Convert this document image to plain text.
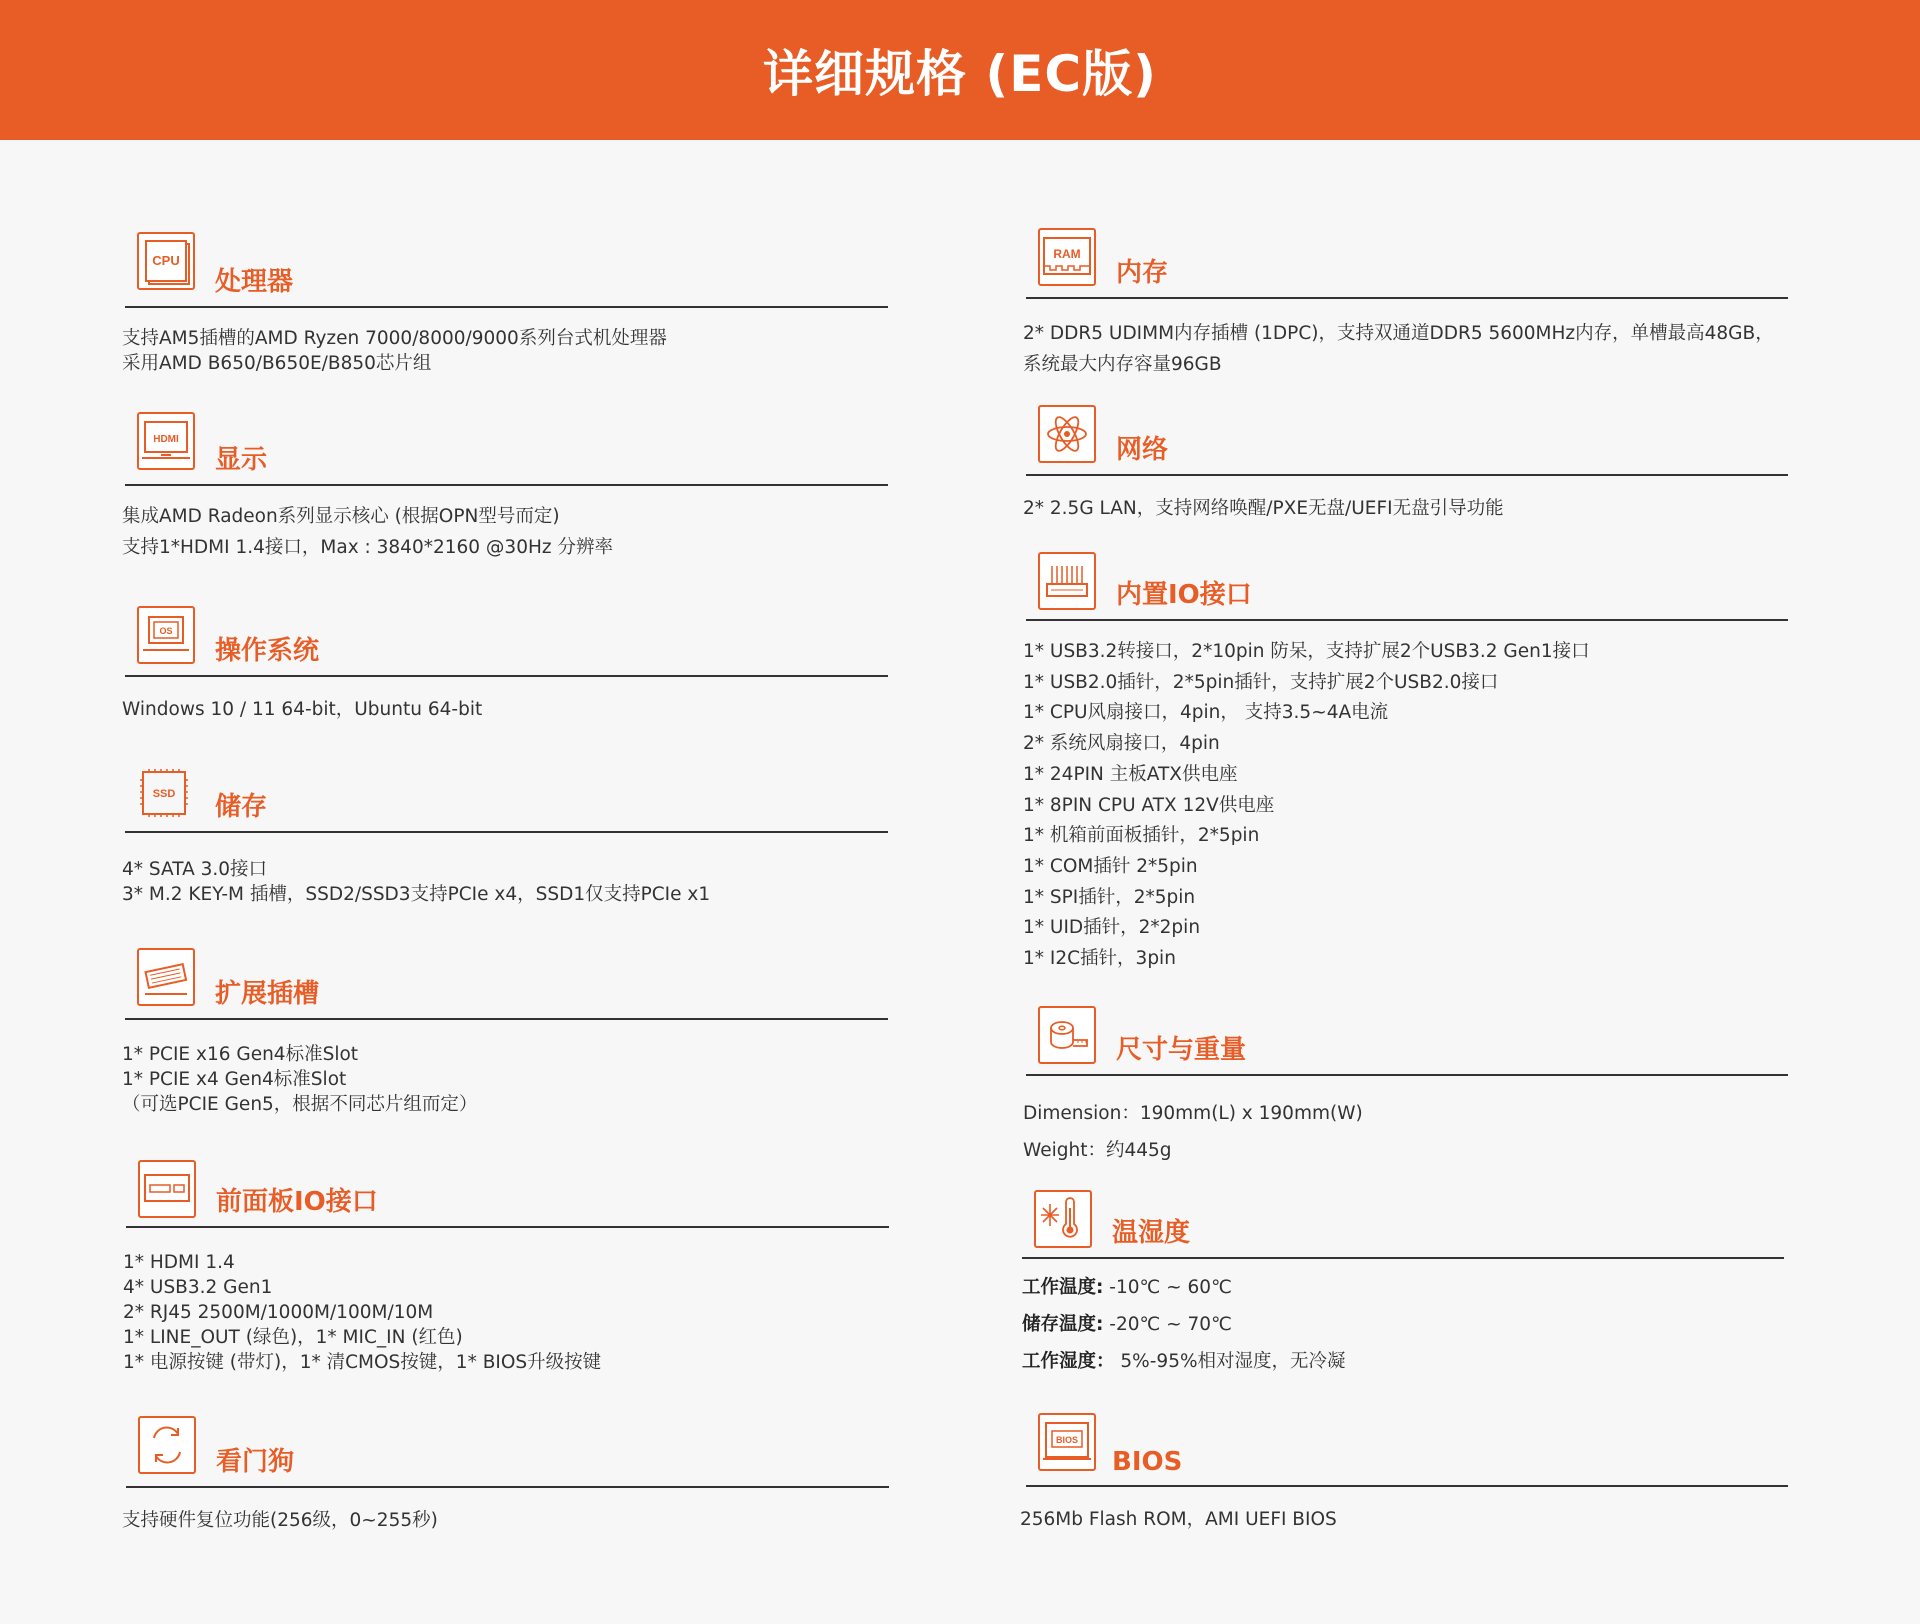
详细规格 (EC版)
CPU
处理器
支持AM5插槽的AMD Ryzen 7000/8000/9000系列台式机处理器
采用AMD B650/B650E/B850芯片组
HDMI
显示
集成AMD Radeon系列显示核心 (根据OPN型号而定)
支持1*HDMI 1.4接口，Max : 3840*2160 @30Hz 分辨率
OS
操作系统
Windows 10 / 11 64-bit，Ubuntu 64-bit
SSD 储存
4* SATA 3.0接口
3* M.2 KEY-M 插槽，SSD2/SSD3支持PCIe x4，SSD1仅支持PCIe x1
扩展插槽
1* PCIE x16 Gen4标准Slot
1* PCIE x4 Gen4标准Slot
（可选PCIE Gen5，根据不同芯片组而定）
前面板IO接口
1* HDMI 1.4
4* USB3.2 Gen1
2* RJ45 2500M/1000M/100M/10M
1* LINE_OUT (绿色)，1* MIC_IN (红色)
1* 电源按键 (带灯)，1* 清CMOS按键，1* BIOS升级按键
看门狗
支持硬件复位功能(256级，0~255秒)
RAM
内存
2* DDR5 UDIMM内存插槽 (1DPC)，支持双通道DDR5 5600MHz内存，单槽最高48GB，
系统最大内存容量96GB
网络
2* 2.5G LAN，支持网络唤醒/PXE无盘/UEFI无盘引导功能
内置IO接口
1* USB3.2转接口，2*10pin 防呆，支持扩展2个USB3.2 Gen1接口
1* USB2.0插针，2*5pin插针，支持扩展2个USB2.0接口
1* CPU风扇接口，4pin， 支持3.5~4A电流
2* 系统风扇接口，4pin
1* 24PIN 主板ATX供电座
1* 8PIN CPU ATX 12V供电座
1* 机箱前面板插针，2*5pin
1* COM插针 2*5pin
1* SPI插针，2*5pin
1* UID插针，2*2pin
1* I2C插针，3pin
尺寸与重量
Dimension：190mm(L) x 190mm(W)
Weight：约445g
温湿度
工作温度: -10℃ ~ 60℃
储存温度: -20℃ ~ 70℃
工作湿度： 5%-95%相对湿度，无冷凝
BIOS
BIOS
256Mb Flash ROM，AMI UEFI BIOS
